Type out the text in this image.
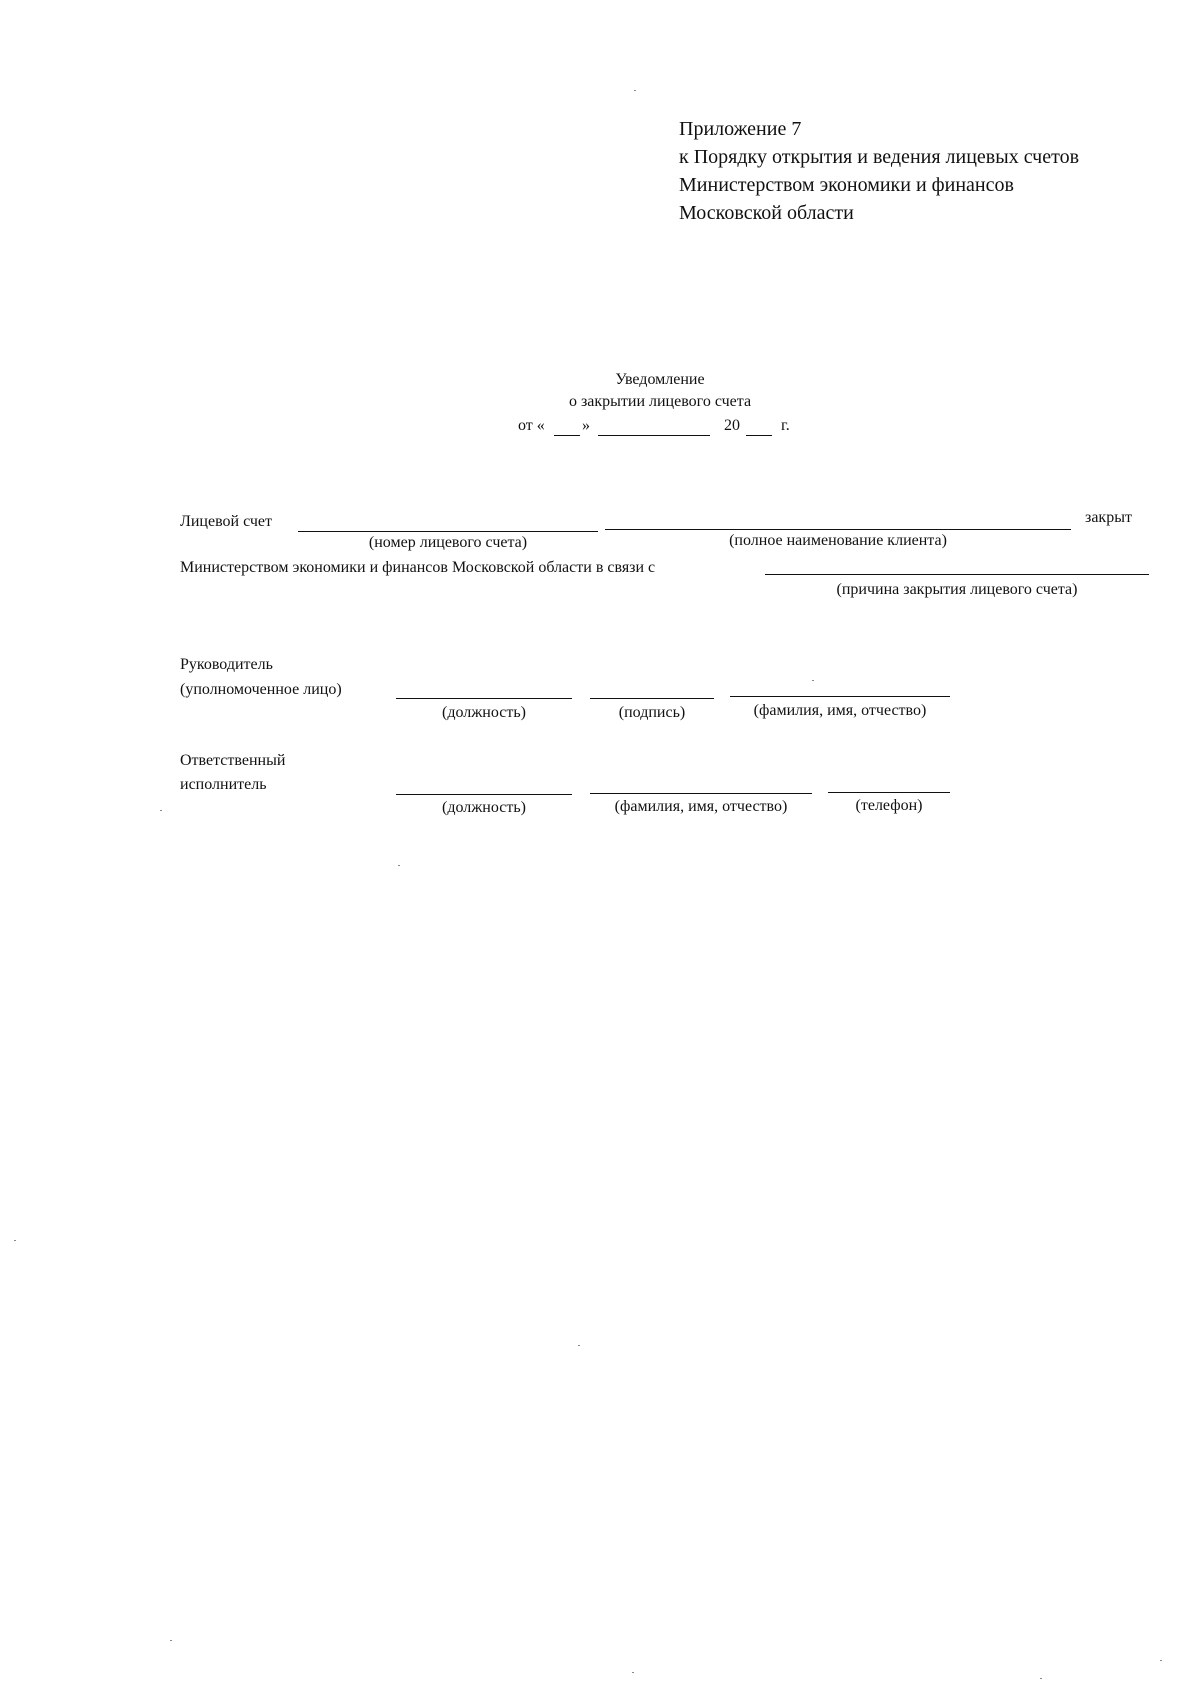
Приложение 7
к Порядку открытия и ведения лицевых счетов
Министерством экономики и финансов
Московской области
Уведомление
о закрытии лицевого счета
от « »	20	г.
Лицевой счет	закрыт
(номер лицевого счета)	(полное наименование клиента)
Министерством экономики и финансов Московской области в связи с
(причина закрытия лицевого счета)
Руководитель
(уполномоченное лицо)
(должность)	(подпись)	(фамилия, имя, отчество)
Ответственный
исполнитель
(должность)	(фамилия, имя, отчество)	(телефон)
